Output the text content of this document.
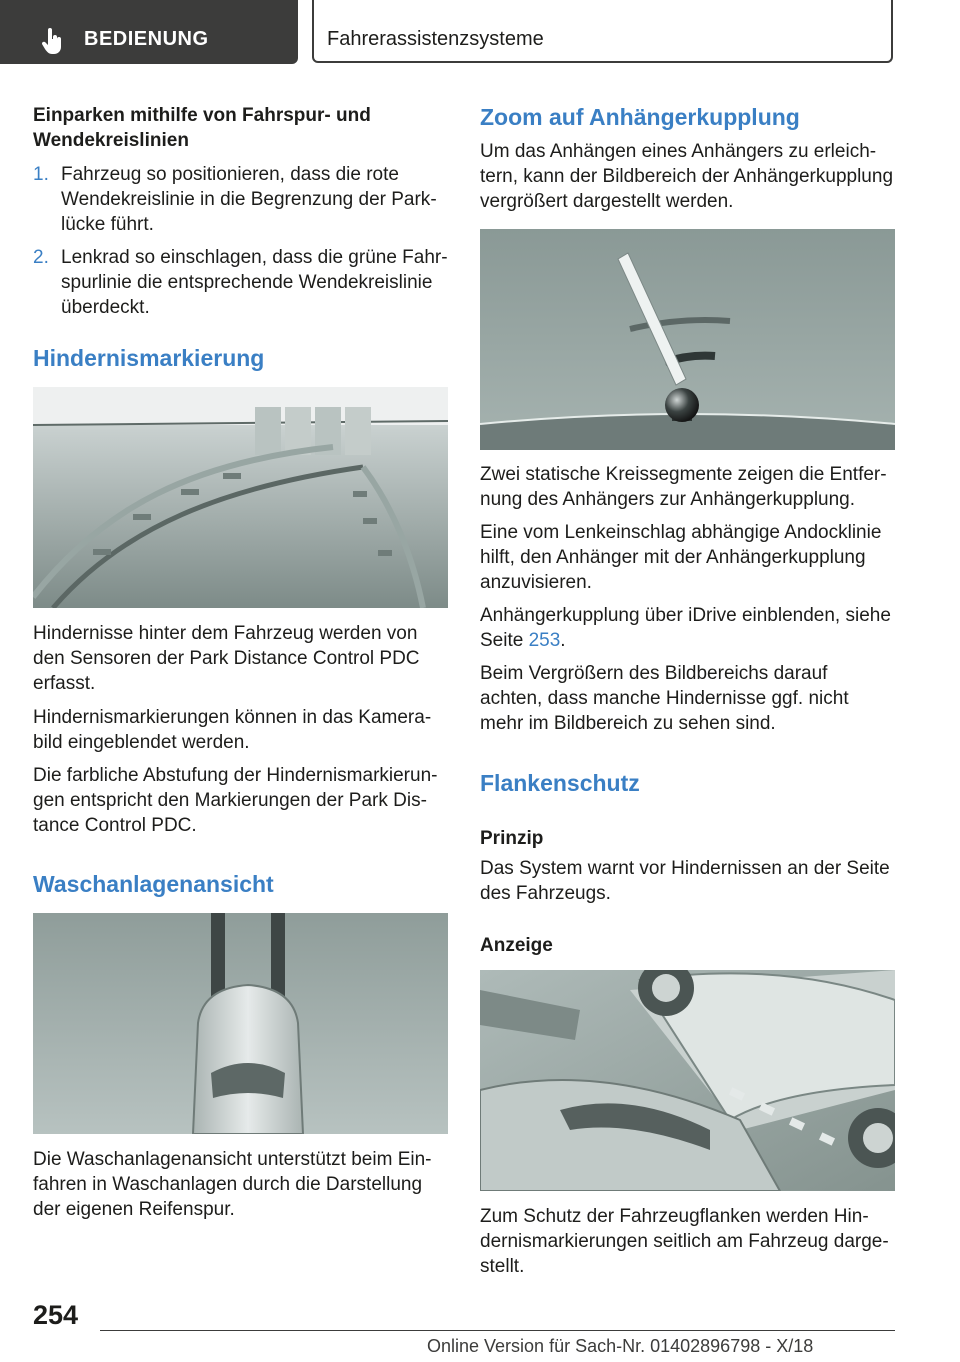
BEDIENUNG	Fahrerassistenzsysteme

Einparken mithilfe von Fahrspur- und Wendekreislinien

1. Fahrzeug so positionieren, dass die rote Wendekreislinie in die Begrenzung der Parklücke führt.
2. Lenkrad so einschlagen, dass die grüne Fahrspurlinie die entsprechende Wendekreislinie überdeckt.
Hindernismarkierung

Hindernisse hinter dem Fahrzeug werden von den Sensoren der Park Distance Control PDC erfasst.

Hindernismarkierungen können in das Kamerabild eingeblendet werden.

Die farbliche Abstufung der Hindernismarkierungen entspricht den Markierungen der Park Distance Control PDC.

Waschanlagenansicht

Die Waschanlagenansicht unterstützt beim Einfahren in Waschanlagen durch die Darstellung der eigenen Reifenspur.

Zoom auf Anhängerkupplung

Um das Anhängen eines Anhängers zu erleichtern, kann der Bildbereich der Anhängerkupplung vergrößert dargestellt werden.

Zwei statische Kreissegmente zeigen die Entfernung des Anhängers zur Anhängerkupplung.

Eine vom Lenkeinschlag abhängige Andocklinie hilft, den Anhänger mit der Anhängerkupplung anzuvisieren.

Anhängerkupplung über iDrive einblenden, siehe Seite 253.

Beim Vergrößern des Bildbereichs darauf achten, dass manche Hindernisse ggf. nicht mehr im Bildbereich zu sehen sind.

Flankenschutz

Prinzip

Das System warnt vor Hindernissen an der Seite des Fahrzeugs.

Anzeige

Zum Schutz der Fahrzeugflanken werden Hindernismarkierungen seitlich am Fahrzeug dargestellt.

254
Online Version für Sach-Nr. 01402896798 - X/18
